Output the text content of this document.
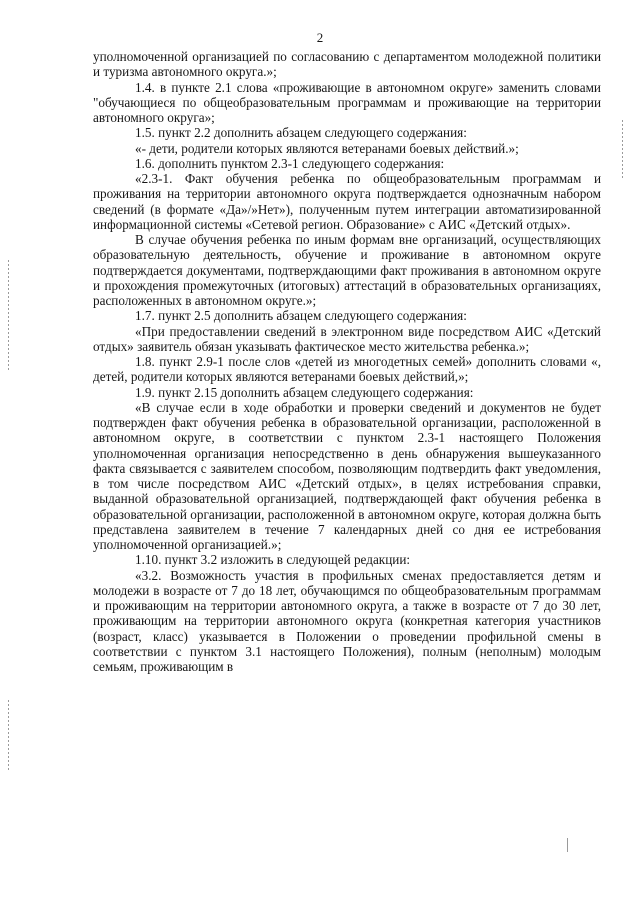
2

уполномоченной организацией по согласованию с департаментом молодежной политики и туризма автономного округа.»;

1.4. в пункте 2.1 слова «проживающие в автономном округе» заменить словами "обучающиеся по общеобразовательным программам и проживающие на территории автономного округа»;

1.5. пункт 2.2 дополнить абзацем следующего содержания:

«- дети, родители которых являются ветеранами боевых действий.»;

1.6. дополнить пунктом 2.3-1 следующего содержания:

«2.3-1. Факт обучения ребенка по общеобразовательным программам и проживания на территории автономного округа подтверждается однозначным набором сведений (в формате «Да»/»Нет»), полученным путем интеграции автоматизированной информационной системы «Сетевой регион. Образование» с АИС «Детский отдых».

В случае обучения ребенка по иным формам вне организаций, осуществляющих образовательную деятельность, обучение и проживание в автономном округе подтверждается документами, подтверждающими факт проживания в автономном округе и прохождения промежуточных (итоговых) аттестаций в образовательных организациях, расположенных в автономном округе.»;

1.7. пункт 2.5 дополнить абзацем следующего содержания:

«При предоставлении сведений в электронном виде посредством АИС «Детский отдых» заявитель обязан указывать фактическое место жительства ребенка.»;

1.8. пункт 2.9-1 после слов «детей из многодетных семей» дополнить словами «, детей, родители которых являются ветеранами боевых действий,»;

1.9. пункт 2.15 дополнить абзацем следующего содержания:

«В случае если в ходе обработки и проверки сведений и документов не будет подтвержден факт обучения ребенка в образовательной организации, расположенной в автономном округе, в соответствии с пунктом 2.3-1 настоящего Положения уполномоченная организация непосредственно в день обнаружения вышеуказанного факта связывается с заявителем способом, позволяющим подтвердить факт уведомления, в том числе посредством АИС «Детский отдых», в целях истребования справки, выданной образовательной организацией, подтверждающей факт обучения ребенка в образовательной организации, расположенной в автономном округе, которая должна быть представлена заявителем в течение 7 календарных дней со дня ее истребования уполномоченной организацией.»;

1.10. пункт 3.2 изложить в следующей редакции:

«3.2. Возможность участия в профильных сменах предоставляется детям и молодежи в возрасте от 7 до 18 лет, обучающимся по общеобразовательным программам и проживающим на территории автономного округа, а также в возрасте от 7 до 30 лет, проживающим на территории автономного округа (конкретная категория участников (возраст, класс) указывается в Положении о проведении профильной смены в соответствии с пунктом 3.1 настоящего Положения), полным (неполным) молодым семьям, проживающим в
